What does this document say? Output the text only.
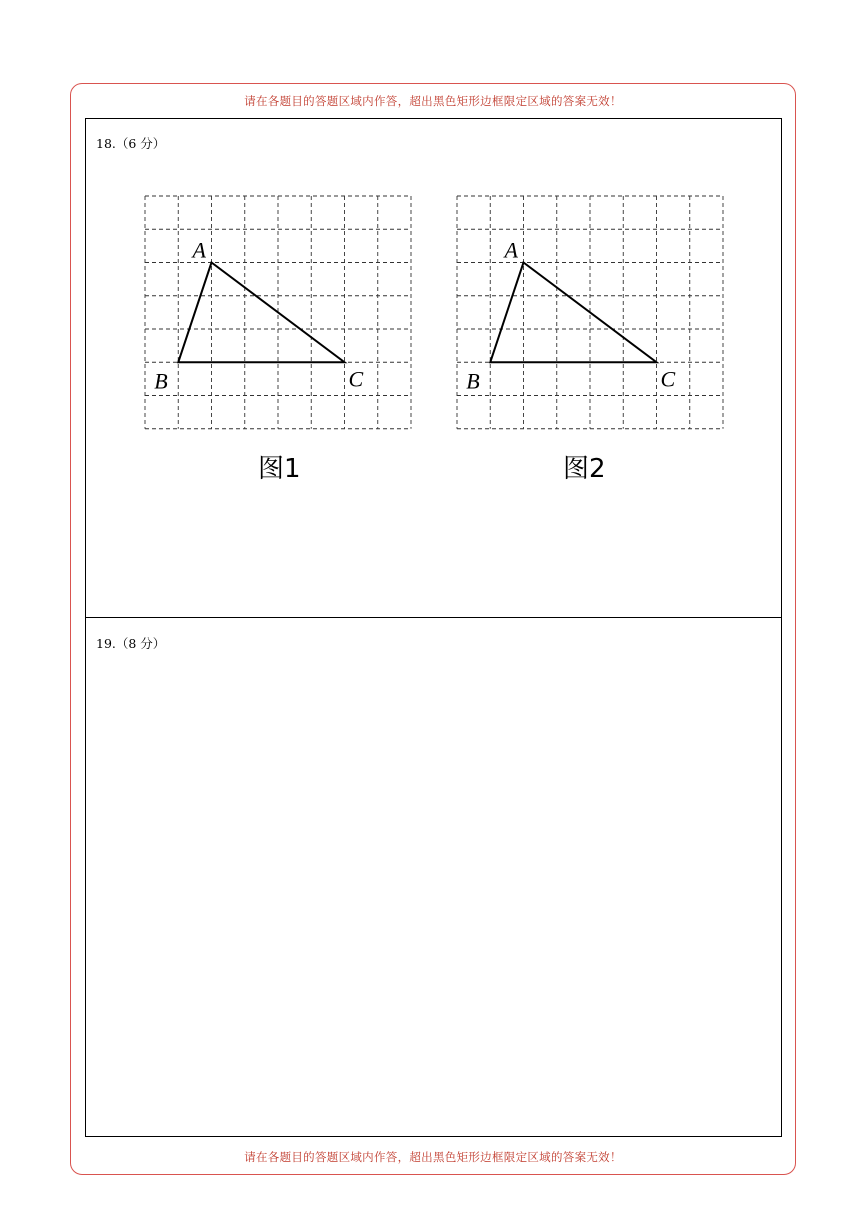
请在各题目的答题区域内作答，超出黑色矩形边框限定区域的答案无效！
请在各题目的答题区域内作答，超出黑色矩形边框限定区域的答案无效！
18.（6 分）
19.（8 分）
A
B	C
A
B	C
图1	图2
